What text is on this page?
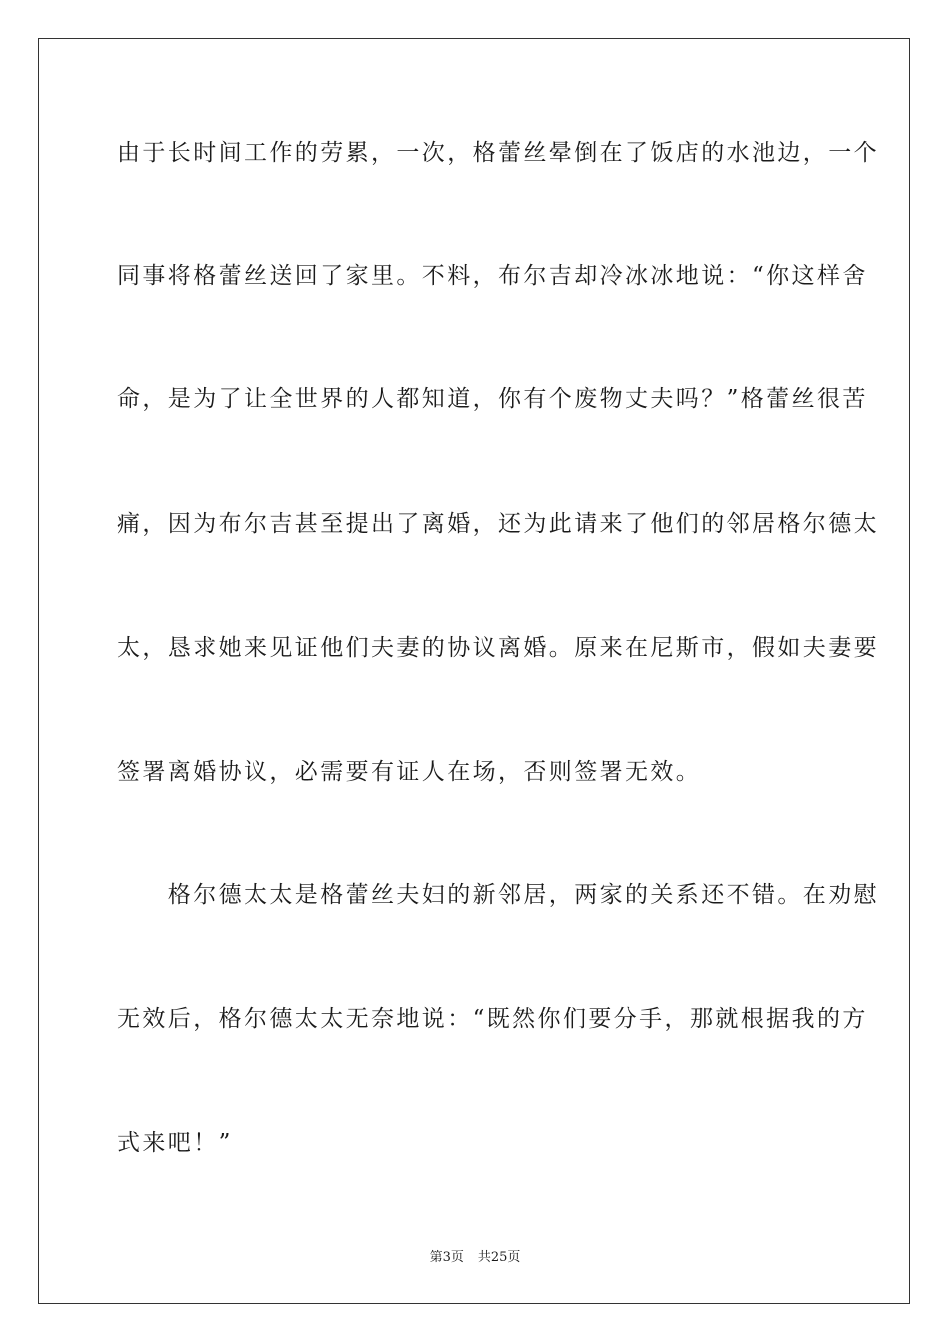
由于长时间工作的劳累，一次，格蕾丝晕倒在了饭店的水池边，一个
同事将格蕾丝送回了家里。不料，布尔吉却冷冰冰地说：“你这样舍
命，是为了让全世界的人都知道，你有个废物丈夫吗？”格蕾丝很苦
痛，因为布尔吉甚至提出了离婚，还为此请来了他们的邻居格尔德太
太，恳求她来见证他们夫妻的协议离婚。原来在尼斯市，假如夫妻要
签署离婚协议，必需要有证人在场，否则签署无效。
　　格尔德太太是格蕾丝夫妇的新邻居，两家的关系还不错。在劝慰
无效后，格尔德太太无奈地说：“既然你们要分手，那就根据我的方
式来吧！”
第3页 共25页
